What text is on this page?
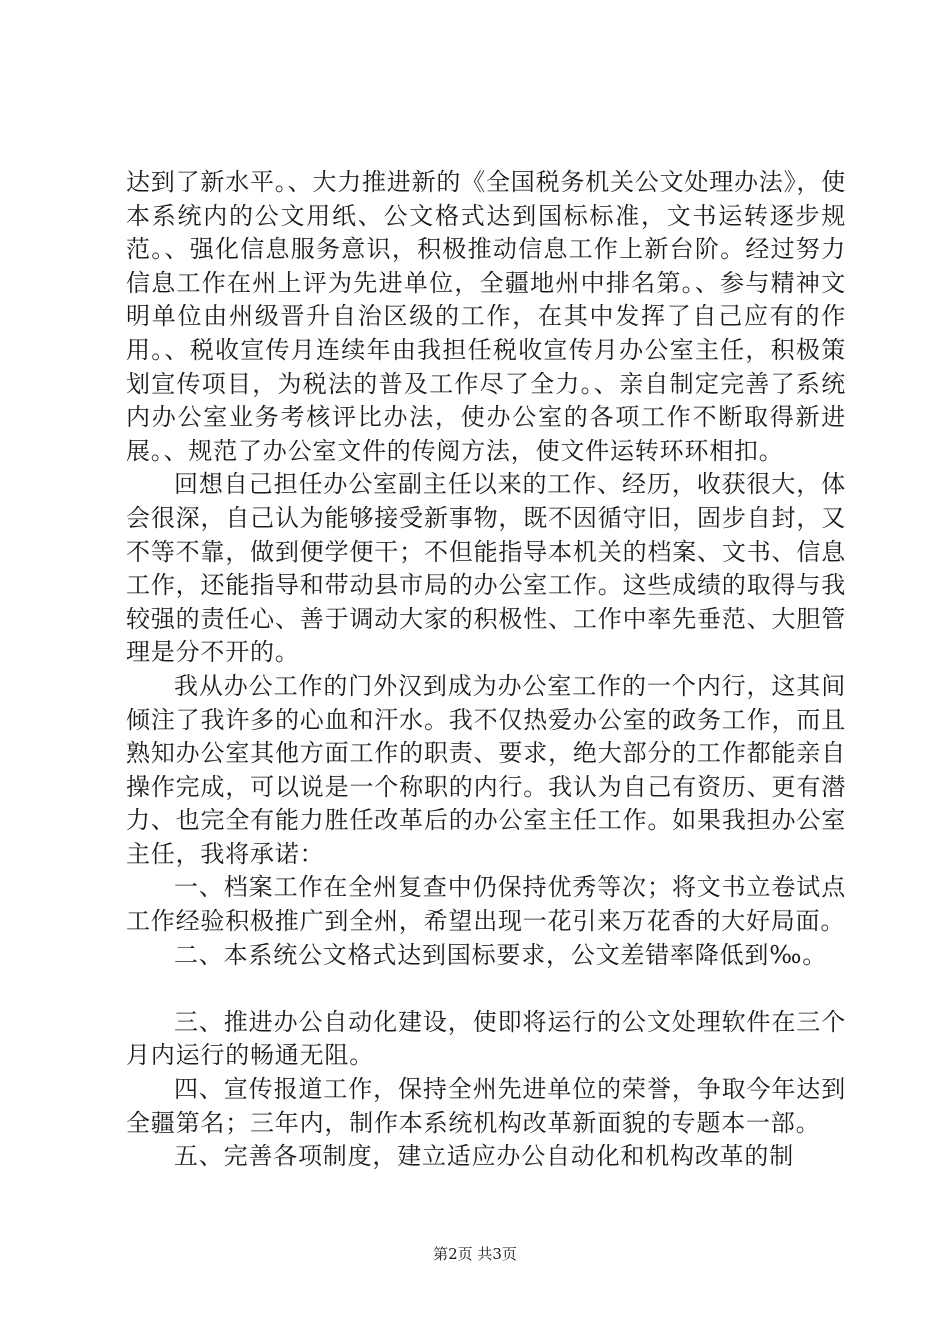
达到了新水平。、大力推进新的《全国税务机关公文处理办法》，使本系统内的公文用纸、公文格式达到国标标准，文书运转逐步规范。、强化信息服务意识，积极推动信息工作上新台阶。经过努力信息工作在州上评为先进单位，全疆地州中排名第。、参与精神文明单位由州级晋升自治区级的工作，在其中发挥了自己应有的作用。、税收宣传月连续年由我担任税收宣传月办公室主任，积极策划宣传项目，为税法的普及工作尽了全力。、亲自制定完善了系统内办公室业务考核评比办法，使办公室的各项工作不断取得新进展。、规范了办公室文件的传阅方法，使文件运转环环相扣。

回想自己担任办公室副主任以来的工作、经历，收获很大，体会很深，自己认为能够接受新事物，既不因循守旧，固步自封，又不等不靠，做到便学便干；不但能指导本机关的档案、文书、信息工作，还能指导和带动县市局的办公室工作。这些成绩的取得与我较强的责任心、善于调动大家的积极性、工作中率先垂范、大胆管理是分不开的。

我从办公工作的门外汉到成为办公室工作的一个内行，这其间倾注了我许多的心血和汗水。我不仅热爱办公室的政务工作，而且熟知办公室其他方面工作的职责、要求，绝大部分的工作都能亲自操作完成，可以说是一个称职的内行。我认为自己有资历、更有潜力、也完全有能力胜任改革后的办公室主任工作。如果我担办公室主任，我将承诺：

一、档案工作在全州复查中仍保持优秀等次；将文书立卷试点工作经验积极推广到全州，希望出现一花引来万花香的大好局面。

二、本系统公文格式达到国标要求，公文差错率降低到‰。

三、推进办公自动化建设，使即将运行的公文处理软件在三个月内运行的畅通无阻。

四、宣传报道工作，保持全州先进单位的荣誉，争取今年达到全疆第名；三年内，制作本系统机构改革新面貌的专题本一部。

五、完善各项制度，建立适应办公自动化和机构改革的制

第2页 共3页
